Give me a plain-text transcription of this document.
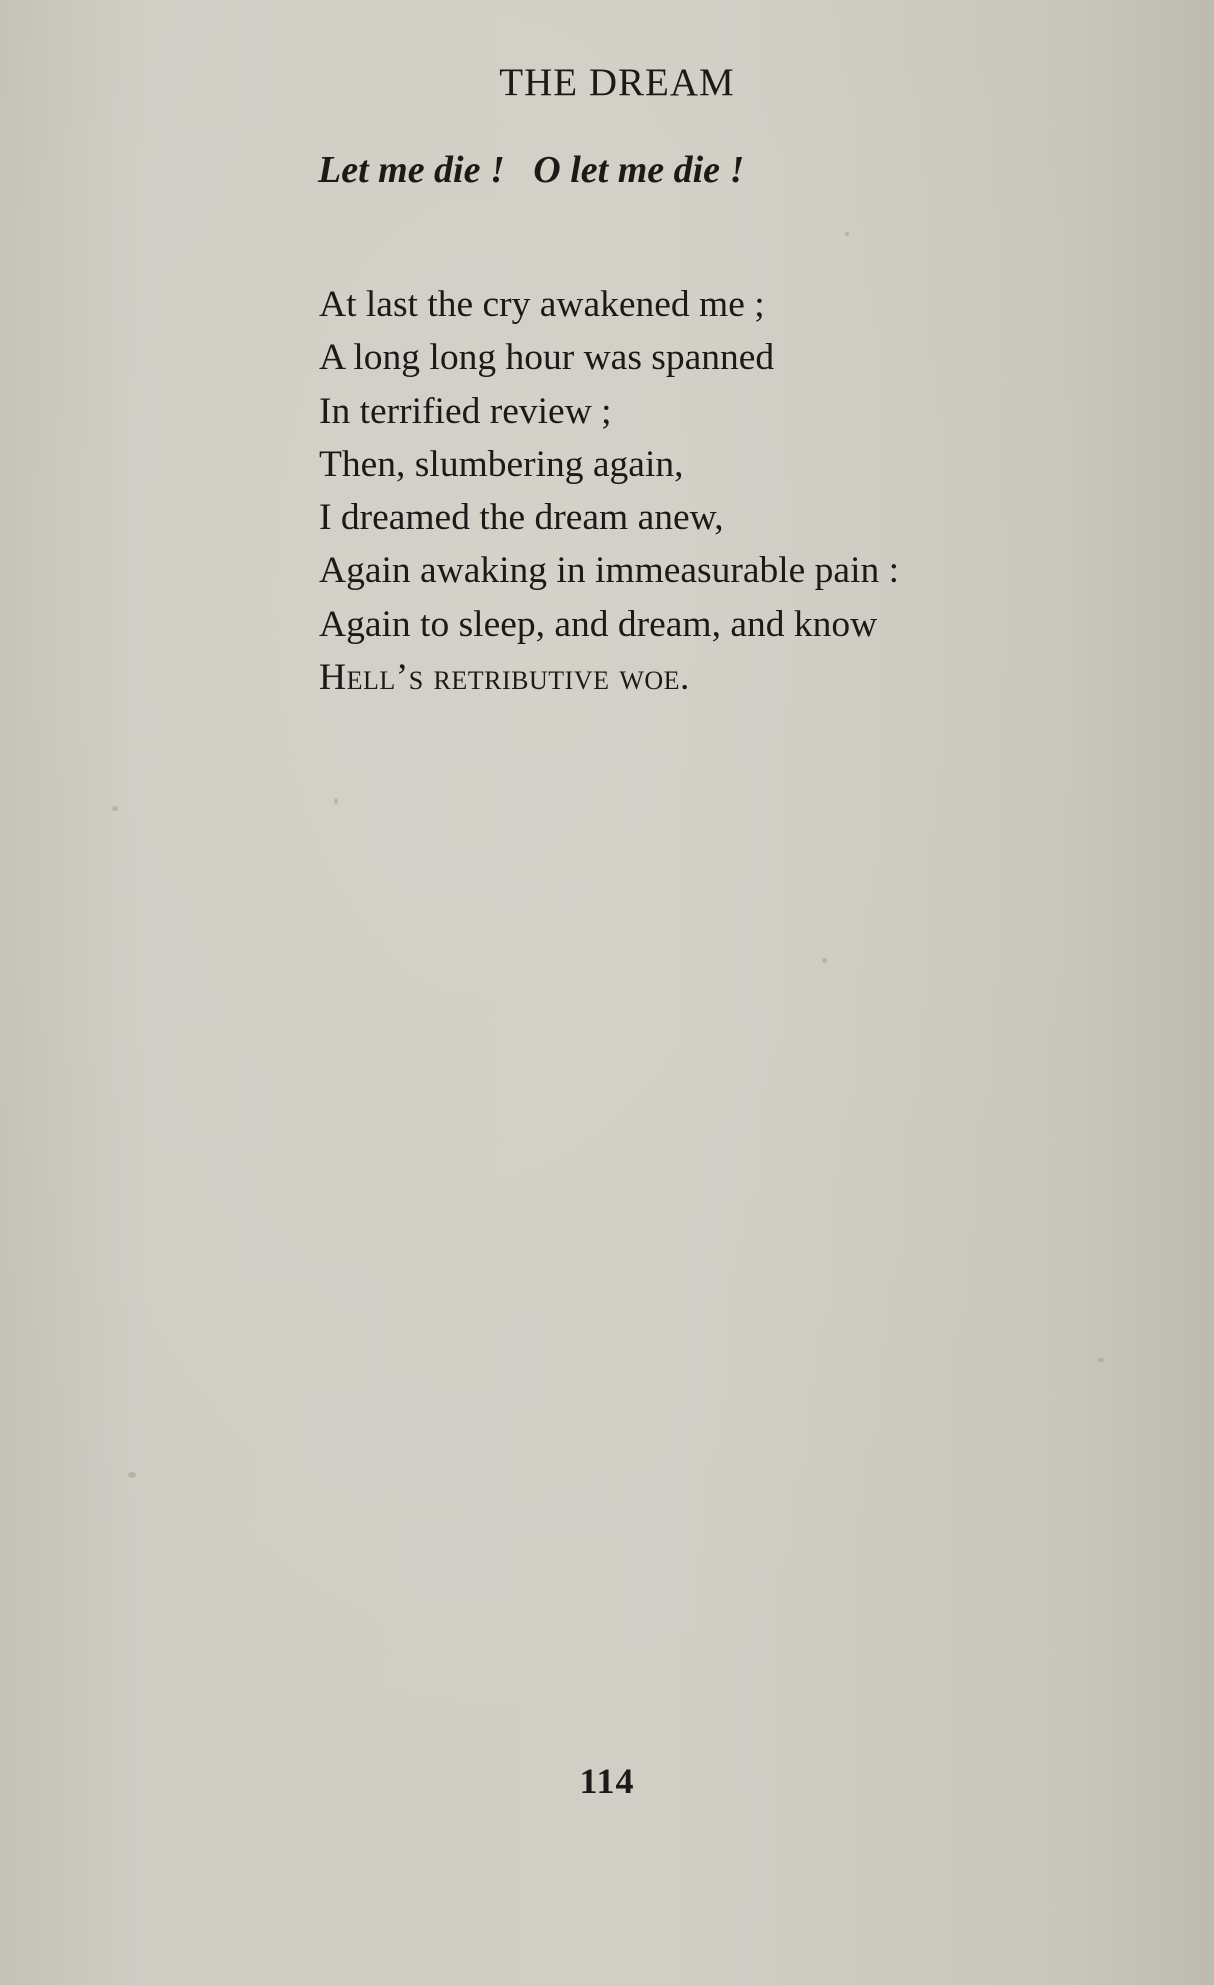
THE DREAM
Let me die !   O let me die !
At last the cry awakened me ;
A long long hour was spanned
In terrified review ;
Then, slumbering again,
I dreamed the dream anew,
Again awaking in immeasurable pain :
Again to sleep, and dream, and know
Hell’s retributive woe.
114
